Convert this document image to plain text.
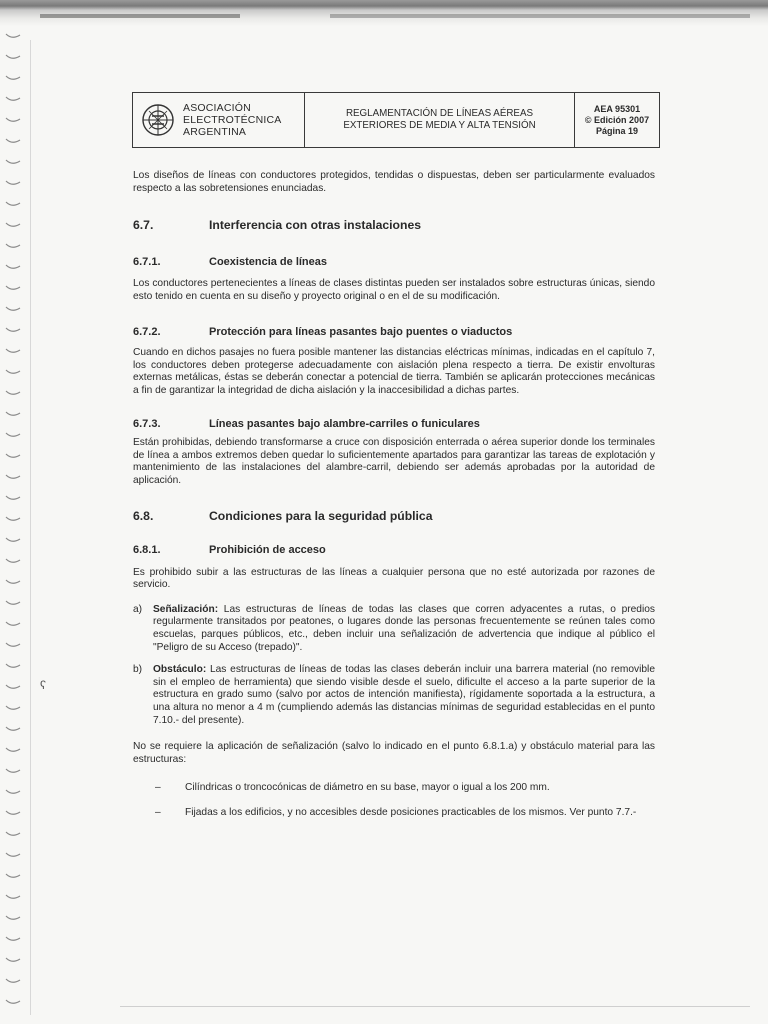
ASOCIACIÓN
ELECTROTÉCNICA
ARGENTINA
REGLAMENTACIÓN DE LÍNEAS AÉREAS
EXTERIORES DE MEDIA Y ALTA TENSIÓN
AEA 95301
© Edición 2007
Página 19

Los diseños de líneas con conductores protegidos, tendidas o dispuestas, deben ser particularmente evaluados respecto a las sobretensiones enunciadas.

6.7.	Interferencia con otras instalaciones
6.7.1.	Coexistencia de líneas

Los conductores pertenecientes a líneas de clases distintas pueden ser instalados sobre estructuras únicas, siendo esto tenido en cuenta en su diseño y proyecto original o en el de su modificación.

6.7.2.	Protección para líneas pasantes bajo puentes o viaductos

Cuando en dichos pasajes no fuera posible mantener las distancias eléctricas mínimas, indicadas en el capítulo 7, los conductores deben protegerse adecuadamente con aislación plena respecto a tierra. De existir envolturas externas metálicas, éstas se deberán conectar a potencial de tierra. También se aplicarán protecciones mecánicas a fin de garantizar la integridad de dicha aislación y la inaccesibilidad a dichas partes.

6.7.3.	Líneas pasantes bajo alambre-carriles o funiculares

Están prohibidas, debiendo transformarse a cruce con disposición enterrada o aérea superior donde los terminales de línea a ambos extremos deben quedar lo suficientemente apartados para garantizar las tareas de explotación y mantenimiento de las instalaciones del alambre-carril, debiendo ser además aprobadas por la autoridad de aplicación.

6.8.	Condiciones para la seguridad pública
6.8.1.	Prohibición de acceso

Es prohibido subir a las estructuras de las líneas a cualquier persona que no esté autorizada por razones de servicio.

a)	Señalización: Las estructuras de líneas de todas las clases que corren adyacentes a rutas, o predios regularmente transitados por peatones, o lugares donde las personas frecuentemente se reúnen tales como escuelas, parques públicos, etc., deben incluir una señalización de advertencia que indique al público el "Peligro de su Acceso (trepado)".
b)	Obstáculo: Las estructuras de líneas de todas las clases deberán incluir una barrera material (no removible sin el empleo de herramienta) que siendo visible desde el suelo, dificulte el acceso a la parte superior de la estructura en grado sumo (salvo por actos de intención manifiesta), rígidamente soportada a la estructura, a una altura no menor a 4 m (cumpliendo además las distancias mínimas de seguridad establecidas en el punto 7.10.- del presente).

No se requiere la aplicación de señalización (salvo lo indicado en el punto 6.8.1.a) y obstáculo material para las estructuras:

–	Cilíndricas o troncocónicas de diámetro en su base, mayor o igual a los 200 mm.
–	Fijadas a los edificios, y no accesibles desde posiciones practicables de los mismos. Ver punto 7.7.-
ʕ
